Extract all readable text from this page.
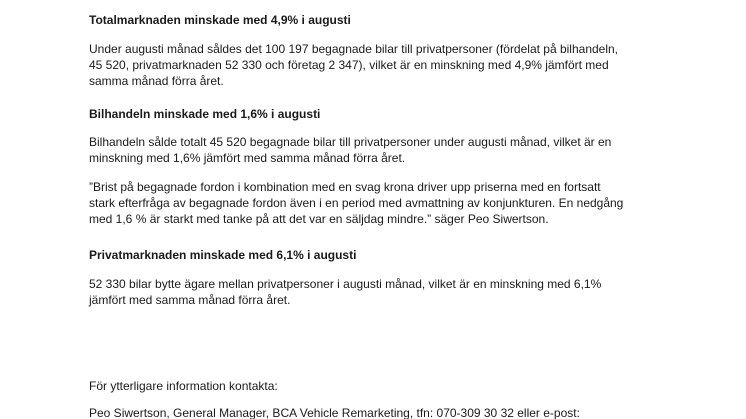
Totalmarknaden minskade med 4,9% i augusti

Under augusti månad såldes det 100 197 begagnade bilar till privatpersoner (fördelat på bilhandeln,
45 520, privatmarknaden 52 330 och företag 2 347), vilket är en minskning med 4,9% jämfört med
samma månad förra året.

Bilhandeln minskade med 1,6% i augusti

Bilhandeln sålde totalt 45 520 begagnade bilar till privatpersoner under augusti månad, vilket är en
minskning med 1,6% jämfört med samma månad förra året.

”Brist på begagnade fordon i kombination med en svag krona driver upp priserna med en fortsatt
stark efterfråga av begagnade fordon även i en period med avmattning av konjunkturen. En nedgång
med 1,6 % är starkt med tanke på att det var en säljdag mindre.” säger Peo Siwertson.

Privatmarknaden minskade med 6,1% i augusti

52 330 bilar bytte ägare mellan privatpersoner i augusti månad, vilket är en minskning med 6,1%
jämfört med samma månad förra året.

För ytterligare information kontakta:

Peo Siwertson, General Manager, BCA Vehicle Remarketing, tfn: 070-309 30 32 eller e-post:
